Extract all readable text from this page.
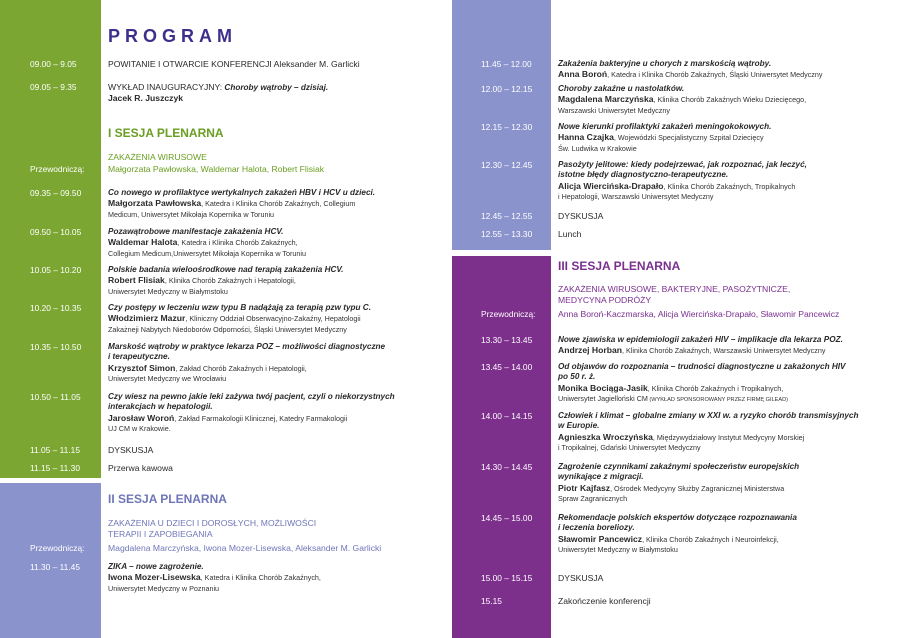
PROGRAM
09.00 – 9.05	POWITANIE I OTWARCIE KONFERENCJI Aleksander M. Garlicki
09.05 – 9.35	WYKŁAD INAUGURACYJNY: Choroby wątroby – dzisiaj.
Jacek R. Juszczyk
I SESJA PLENARNA
ZAKAŻENIA WIRUSOWE
Przewodniczą:	Małgorzata Pawłowska, Waldemar Halota, Robert Flisiak
09.35 – 09.50	Co nowego w profilaktyce wertykalnych zakażeń HBV i HCV u dzieci.
Małgorzata Pawłowska, Katedra i Klinika Chorób Zakaźnych, Collegium
Medicum, Uniwersytet Mikołaja Kopernika w Toruniu
09.50 – 10.05	Pozawątrobowe manifestacje zakażenia HCV.
Waldemar Halota, Katedra i Klinika Chorób Zakaźnych,
Collegium Medicum,Uniwersytet Mikołaja Kopernika w Toruniu
10.05 – 10.20	Polskie badania wieloośrodkowe nad terapią zakażenia HCV.
Robert Flisiak, Klinika Chorób Zakaźnych i Hepatologii,
Uniwersytet Medyczny w Białymstoku
10.20 – 10.35	Czy postępy w leczeniu wzw typu B nadążają za terapią pzw typu C.
Włodzimierz Mazur, Kliniczny Oddział Obserwacyjno-Zakaźny, Hepatologii
Zakażneji Nabytych Niedoborów Odporności, Śląski Uniwersytet Medyczny
10.35 – 10.50	Marskość wątroby w praktyce lekarza POZ – możliwości diagnostyczne
i terapeutyczne.
Krzysztof Simon, Zakład Chorób Zakaźnych i Hepatologii,
Uniwersytet Medyczny we Wrocławiu
10.50 – 11.05	Czy wiesz na pewno jakie leki zażywa twój pacjent, czyli o niekorzystnych
interakcjach w hepatologii.
Jarosław Woroń, Zakład Farmakologii Klinicznej, Katedry Farmakologii
UJ CM w Krakowie.
11.05 – 11.15	DYSKUSJA
11.15 – 11.30	Przerwa kawowa
II SESJA PLENARNA
ZAKAŻENIA U DZIECI I DOROSŁYCH, MOŻLIWOŚCI
TERAPII I ZAPOBIEGANIA
Przewodniczą:	Magdalena Marczyńska, Iwona Mozer-Lisewska, Aleksander M. Garlicki
11.30 – 11.45	ZIKA – nowe zagrożenie.
Iwona Mozer-Lisewska, Katedra i Klinika Chorób Zakaźnych,
Uniwersytet Medyczny w Poznaniu
11.45 – 12.00	Zakażenia bakteryjne u chorych z marskością wątroby.
Anna Boroń, Katedra i Klinika Chorób Zakaźnych, Śląski Uniwersytet Medyczny
12.00 – 12.15	Choroby zakaźne u nastolatków.
Magdalena Marczyńska, Klinika Chorób Zakaźnych Wieku Dziecięcego,
Warszawski Uniwersytet Medyczny
12.15 – 12.30	Nowe kierunki profilaktyki zakażeń meningokokowych.
Hanna Czajka, Wojewódzki Specjalistyczny Szpital Dziecięcy
Św. Ludwika w Krakowie
12.30 – 12.45	Pasożyty jelitowe: kiedy podejrzewać, jak rozpoznać, jak leczyć,
istotne błędy diagnostyczno-terapeutyczne.
Alicja Wiercińska-Drapało, Klinika Chorób Zakaźnych, Tropikalnych
i Hepatologii, Warszawski Uniwersytet Medyczny
12.45 – 12.55	DYSKUSJA
12.55 – 13.30	Lunch
III SESJA PLENARNA
ZAKAŻENIA WIRUSOWE, BAKTERYJNE, PASOŻYTNICZE,
MEDYCYNA PODRÓŻY
Przewodniczą:	Anna Boroń-Kaczmarska, Alicja Wiercińska-Drapało, Sławomir Pancewicz
13.30 – 13.45	Nowe zjawiska w epidemiologii zakażeń HIV – implikacje dla lekarza POZ.
Andrzej Horban, Klinika Chorób Zakaźnych, Warszawski Uniwersytet Medyczny
13.45 – 14.00	Od objawów do rozpoznania – trudności diagnostyczne u zakażonych HIV
po 50 r. ż.
Monika Bociąga-Jasik, Klinika Chorób Zakaźnych i Tropikalnych,
Uniwersytet Jagielloński CM (WYKŁAD SPONSOROWANY PRZEZ FIRMĘ GILEAD)
14.00 – 14.15	Człowiek i klimat – globalne zmiany w XXI w. a ryzyko chorób transmisyjnych
w Europie.
Agnieszka Wroczyńska, Międzywydziałowy Instytut Medycyny Morskiej
i Tropikalnej, Gdański Uniwersytet Medyczny
14.30 – 14.45	Zagrożenie czynnikami zakaźnymi społeczeństw europejskich
wynikające z migracji.
Piotr Kajfasz, Ośrodek Medycyny Służby Zagranicznej Ministerstwa
Spraw Zagranicznych
14.45 – 15.00	Rekomendacje polskich ekspertów dotyczące rozpoznawania
i leczenia boreliozy.
Sławomir Pancewicz, Klinika Chorób Zakaźnych i Neuroinfekcji,
Uniwersytet Medyczny w Białymstoku
15.00 – 15.15	DYSKUSJA
15.15	Zakończenie konferencji
